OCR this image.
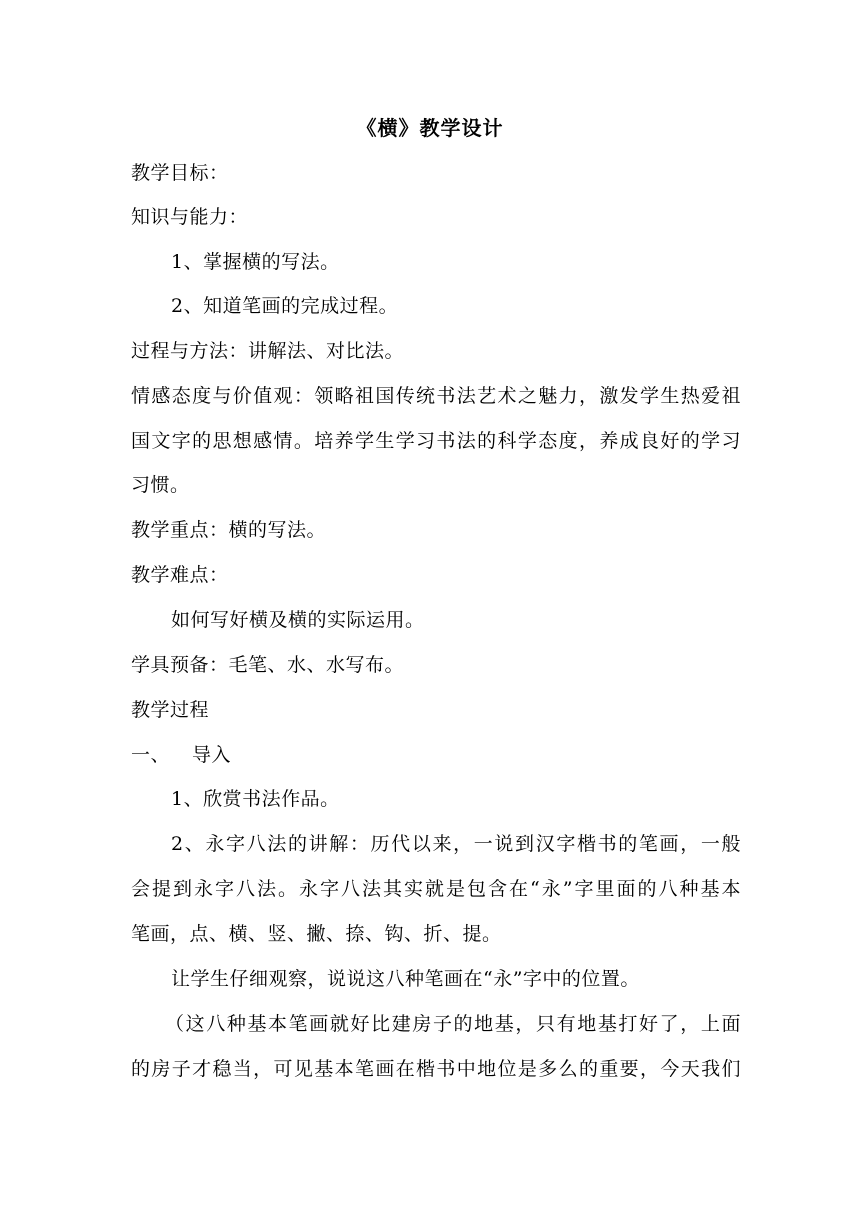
《横》教学设计
教学目标：
知识与能力：
1、掌握横的写法。
2、知道笔画的完成过程。
过程与方法：讲解法、对比法。
情感态度与价值观：领略祖国传统书法艺术之魅力，激发学生热爱祖
国文字的思想感情。培养学生学习书法的科学态度，养成良好的学习
习惯。
教学重点：横的写法。
教学难点：
如何写好横及横的实际运用。
学具预备：毛笔、水、水写布。
教学过程
一、 导入
1、欣赏书法作品。
2、永字八法的讲解：历代以来，一说到汉字楷书的笔画，一般
会提到永字八法。永字八法其实就是包含在“永”字里面的八种基本
笔画，点、横、竖、撇、捺、钩、折、提。
让学生仔细观察，说说这八种笔画在“永”字中的位置。
（这八种基本笔画就好比建房子的地基，只有地基打好了，上面
的房子才稳当，可见基本笔画在楷书中地位是多么的重要，今天我们
